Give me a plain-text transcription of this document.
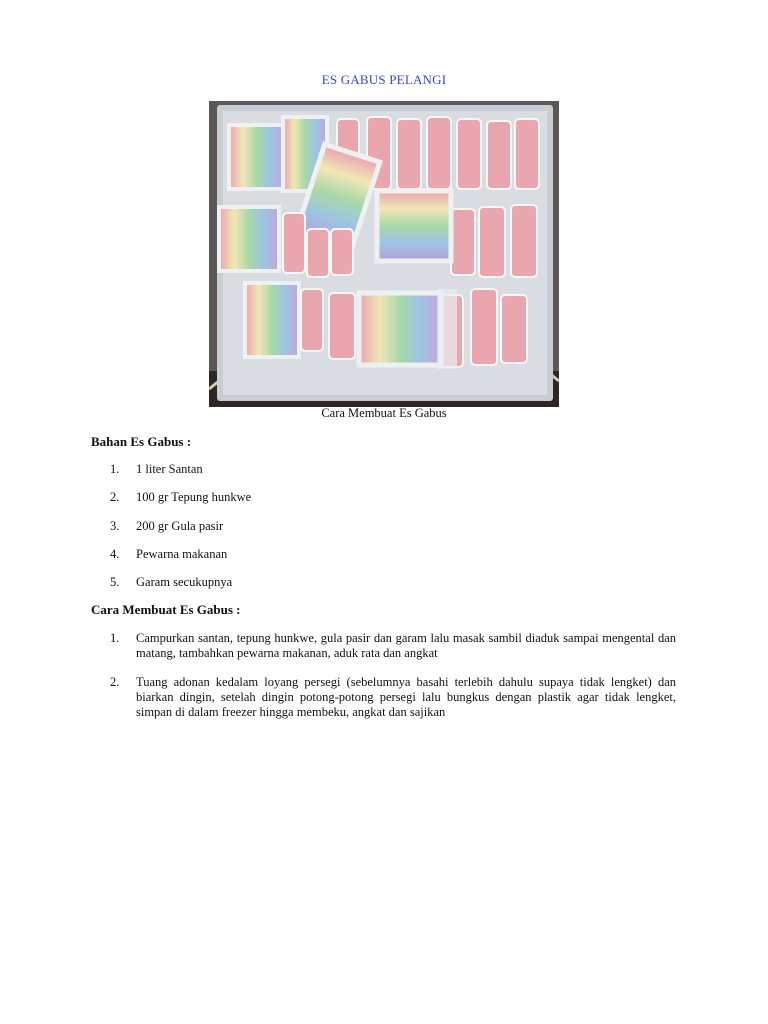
ES GABUS PELANGI
Cara Membuat Es Gabus
Bahan Es Gabus :
1. 1 liter Santan
2. 100 gr Tepung hunkwe
3. 200 gr Gula pasir
4. Pewarna makanan
5. Garam secukupnya
Cara Membuat Es Gabus :
1. Campurkan santan, tepung hunkwe, gula pasir dan garam lalu masak sambil diaduk sampai mengental dan matang, tambahkan pewarna makanan, aduk rata dan angkat
2. Tuang adonan kedalam loyang persegi (sebelumnya basahi terlebih dahulu supaya tidak lengket) dan biarkan dingin, setelah dingin potong-potong persegi lalu bungkus dengan plastik agar tidak lengket, simpan di dalam freezer hingga membeku, angkat dan sajikan
